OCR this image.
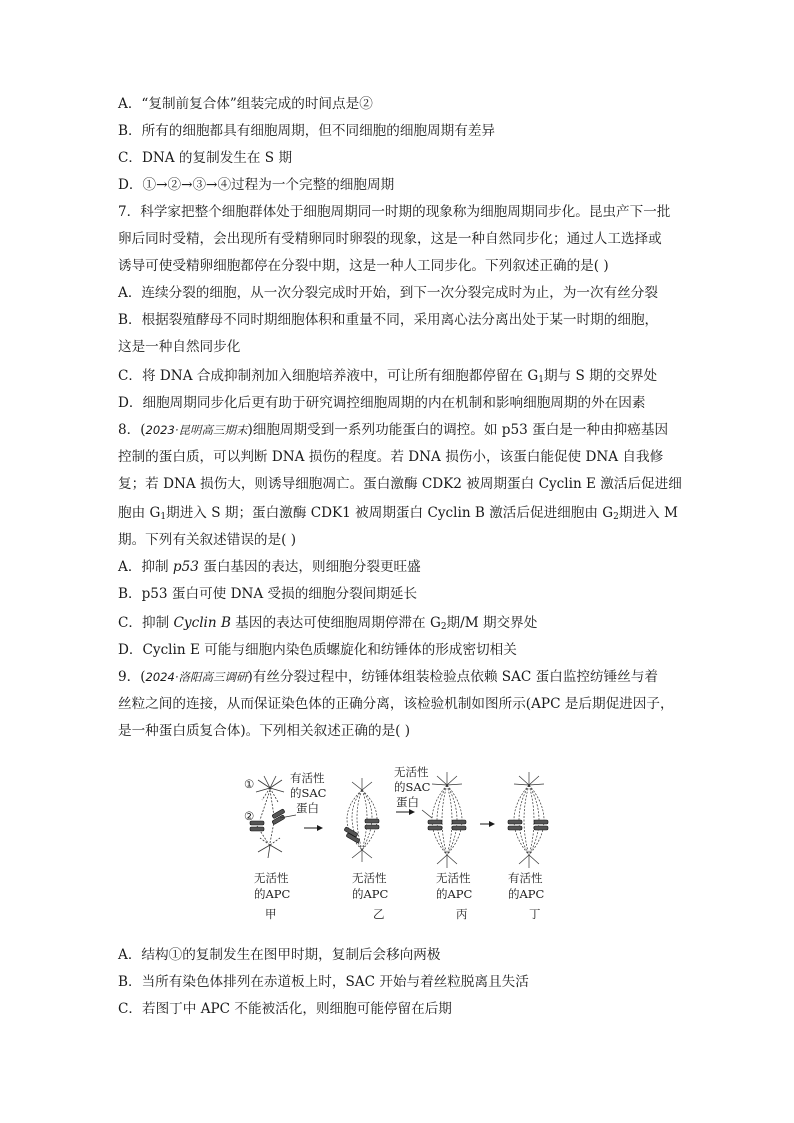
A．“复制前复合体”组装完成的时间点是②
B．所有的细胞都具有细胞周期，但不同细胞的细胞周期有差异
C．DNA 的复制发生在 S 期
D．①→②→③→④过程为一个完整的细胞周期
7．科学家把整个细胞群体处于细胞周期同一时期的现象称为细胞周期同步化。昆虫产下一批
卵后同时受精，会出现所有受精卵同时卵裂的现象，这是一种自然同步化；通过人工选择或
诱导可使受精卵细胞都停在分裂中期，这是一种人工同步化。下列叙述正确的是( )
A．连续分裂的细胞，从一次分裂完成时开始，到下一次分裂完成时为止，为一次有丝分裂
B．根据裂殖酵母不同时期细胞体积和重量不同，采用离心法分离出处于某一时期的细胞，
这是一种自然同步化
C．将 DNA 合成抑制剂加入细胞培养液中，可让所有细胞都停留在 $G_1$期与 S 期的交界处
D．细胞周期同步化后更有助于研究调控细胞周期的内在机制和影响细胞周期的外在因素
8．(2023·昆明高三期末)细胞周期受到一系列功能蛋白的调控。如 p53 蛋白是一种由抑癌基因
控制的蛋白质，可以判断 DNA 损伤的程度。若 DNA 损伤小，该蛋白能促使 DNA 自我修
复；若 DNA 损伤大，则诱导细胞凋亡。蛋白激酶 CDK2 被周期蛋白 Cyclin E 激活后促进细
胞由 $G_1$期进入 S 期；蛋白激酶 CDK1 被周期蛋白 Cyclin B 激活后促进细胞由 $G_2$期进入 M
期。下列有关叙述错误的是( )
A．抑制 p53 蛋白基因的表达，则细胞分裂更旺盛
B．p53 蛋白可使 DNA 受损的细胞分裂间期延长
C．抑制 Cyclin B 基因的表达可使细胞周期停滞在 $G_2$期/M 期交界处
D．Cyclin E 可能与细胞内染色质螺旋化和纺锤体的形成密切相关
9．(2024·洛阳高三调研)有丝分裂过程中，纺锤体组装检验点依赖 SAC 蛋白监控纺锤丝与着
丝粒之间的连接，从而保证染色体的正确分离，该检验机制如图所示(APC 是后期促进因子，
是一种蛋白质复合体)。下列相关叙述正确的是( )
①
②
有活性
的SAC
蛋白
无活性
的SAC
蛋白
无活性
的APC
甲
无活性
的APC
乙
无活性
的APC
丙
有活性
的APC
丁
A．结构①的复制发生在图甲时期，复制后会移向两极
B．当所有染色体排列在赤道板上时，SAC 开始与着丝粒脱离且失活
C．若图丁中 APC 不能被活化，则细胞可能停留在后期
